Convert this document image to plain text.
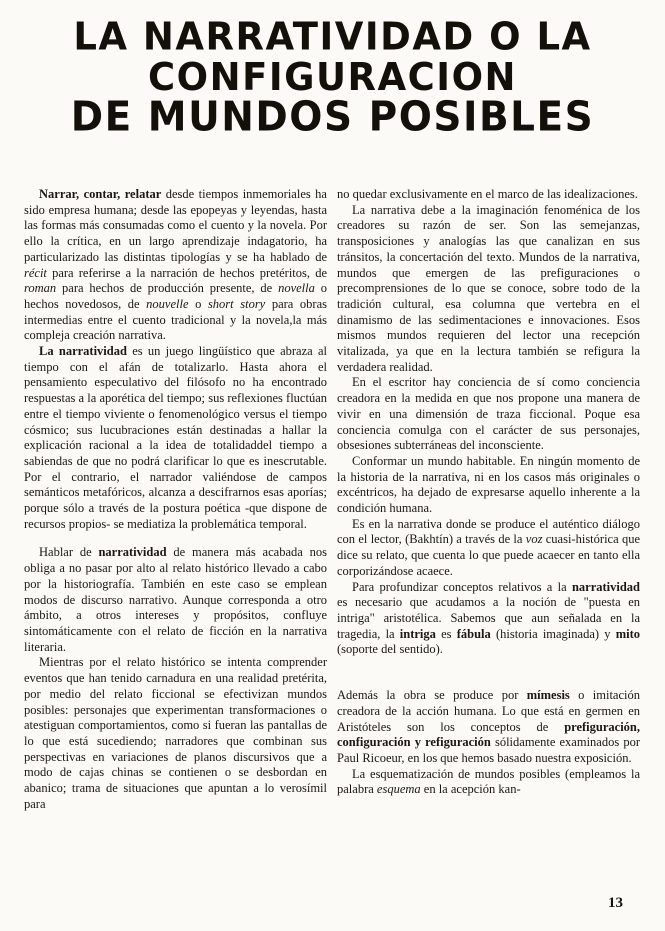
LA NARRATIVIDAD O LA
CONFIGURACION
DE MUNDOS POSIBLES

Narrar, contar, relatar desde tiempos inmemoriales ha sido empresa humana; desde las epopeyas y leyendas, hasta las formas más consumadas como el cuento y la novela. Por ello la crítica, en un largo aprendizaje indagatorio, ha particularizado las distintas tipologías y se ha hablado de récit para referirse a la narración de hechos pretéritos, de roman para hechos de producción presente, de novella o hechos novedosos, de nouvelle o short story para obras intermedias entre el cuento tradicional y la novela,la más compleja creación narrativa.

La narratividad es un juego lingüístico que abraza al tiempo con el afán de totalizarlo. Hasta ahora el pensamiento especulativo del filósofo no ha encontrado respuestas a la aporética del tiempo; sus reflexiones fluctúan entre el tiempo viviente o fenomenológico versus el tiempo cósmico; sus lucubraciones están destinadas a hallar la explicación racional a la idea de totalidaddel tiempo a sabiendas de que no podrá clarificar lo que es inescrutable. Por el contrario, el narrador valiéndose de campos semánticos metafóricos, alcanza a descifrarnos esas aporías; porque sólo a través de la postura poética -que dispone de recursos propios- se mediatiza la problemática temporal.

Hablar de narratividad de manera más acabada nos obliga a no pasar por alto al relato histórico llevado a cabo por la historiografía. También en este caso se emplean modos de discurso narrativo. Aunque corresponda a otro ámbito, a otros intereses y propósitos, confluye sintomáticamente con el relato de ficción en la narrativa literaria.

Mientras por el relato histórico se intenta comprender eventos que han tenido carnadura en una realidad pretérita, por medio del relato ficcional se efectivizan mundos posibles: personajes que experimentan transformaciones o atestiguan comportamientos, como si fueran las pantallas de lo que está sucediendo; narradores que combinan sus perspectivas en variaciones de planos discursivos que a modo de cajas chinas se contienen o se desbordan en abanico; trama de situaciones que apuntan a lo verosímil para

no quedar exclusivamente en el marco de las idealizaciones.

La narrativa debe a la imaginación fenoménica de los creadores su razón de ser. Son las semejanzas, transposiciones y analogías las que canalizan en sus tránsitos, la concertación del texto. Mundos de la narrativa, mundos que emergen de las prefiguraciones o precomprensiones de lo que se conoce, sobre todo de la tradición cultural, esa columna que vertebra en el dinamismo de las sedimentaciones e innovaciones. Esos mismos mundos requieren del lector una recepción vitalizada, ya que en la lectura también se refigura la verdadera realidad.

En el escritor hay conciencia de sí como conciencia creadora en la medida en que nos propone una manera de vivir en una dimensión de traza ficcional. Poque esa conciencia comulga con el carácter de sus personajes, obsesiones subterráneas del inconsciente.

Conformar un mundo habitable. En ningún momento de la historia de la narrativa, ni en los casos más originales o excéntricos, ha dejado de expresarse aquello inherente a la condición humana.

Es en la narrativa donde se produce el auténtico diálogo con el lector, (Bakhtín) a través de la voz cuasi-histórica que dice su relato, que cuenta lo que puede acaecer en tanto ella corporizándose acaece.

Para profundizar conceptos relativos a la narratividad es necesario que acudamos a la noción de "puesta en intriga" aristotélica. Sabemos que aun señalada en la tragedia, la intriga es fábula (historia imaginada) y mito (soporte del sentido).

Además la obra se produce por mímesis o imitación creadora de la acción humana. Lo que está en germen en Aristóteles son los conceptos de prefiguración, configuración y refiguración sólidamente examinados por Paul Ricoeur, en los que hemos basado nuestra exposición.

La esquematización de mundos posibles (empleamos la palabra esquema en la acepción kan-

13
